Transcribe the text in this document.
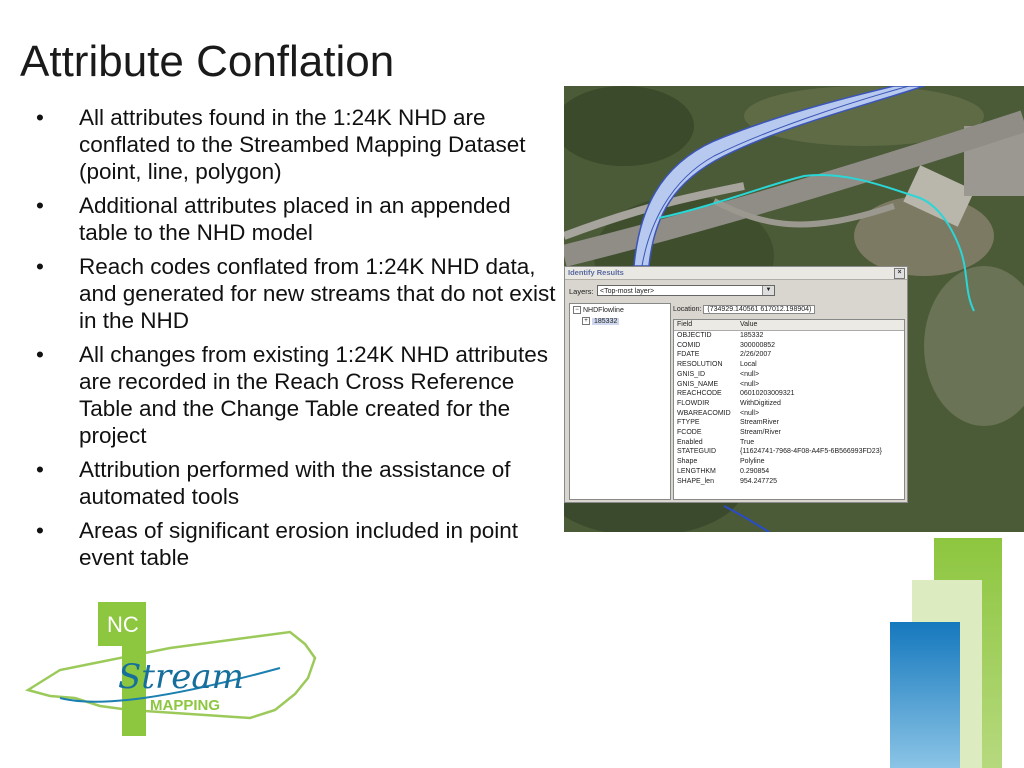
Attribute Conflation
• All attributes found in the 1:24K NHD are conflated to the Streambed Mapping Dataset (point, line, polygon)
• Additional attributes placed in an appended table to the NHD model
• Reach codes conflated from 1:24K NHD data, and generated for new streams that do not exist in the NHD
• All changes from existing 1:24K NHD attributes are recorded in the Reach Cross Reference Table and the Change Table created for the project
• Attribution performed with the assistance of automated tools
• Areas of significant erosion included in point event table
Identify Results	×
Layers: <Top-most layer>	▼
− NHDFlowline
+ 185332
Location: (734929.140561 617012.198904)
Field	Value
OBJECTID	185332
COMID	300000852
FDATE	2/26/2007
RESOLUTION Local
GNIS_ID	<null>
GNIS_NAME	<null>
REACHCODE	06010203009321
FLOWDIR	WithDigitized
WBAREACOMID <null>
FTYPE	StreamRiver
FCODE	Stream/River
Enabled	True
STATEGUID	{11624741-7968-4F08-A4F5-6B566993FD23}
Shape	Polyline
LENGTHKM	0.290854
SHAPE_len	954.247725
NC
Stream
MAPPING
